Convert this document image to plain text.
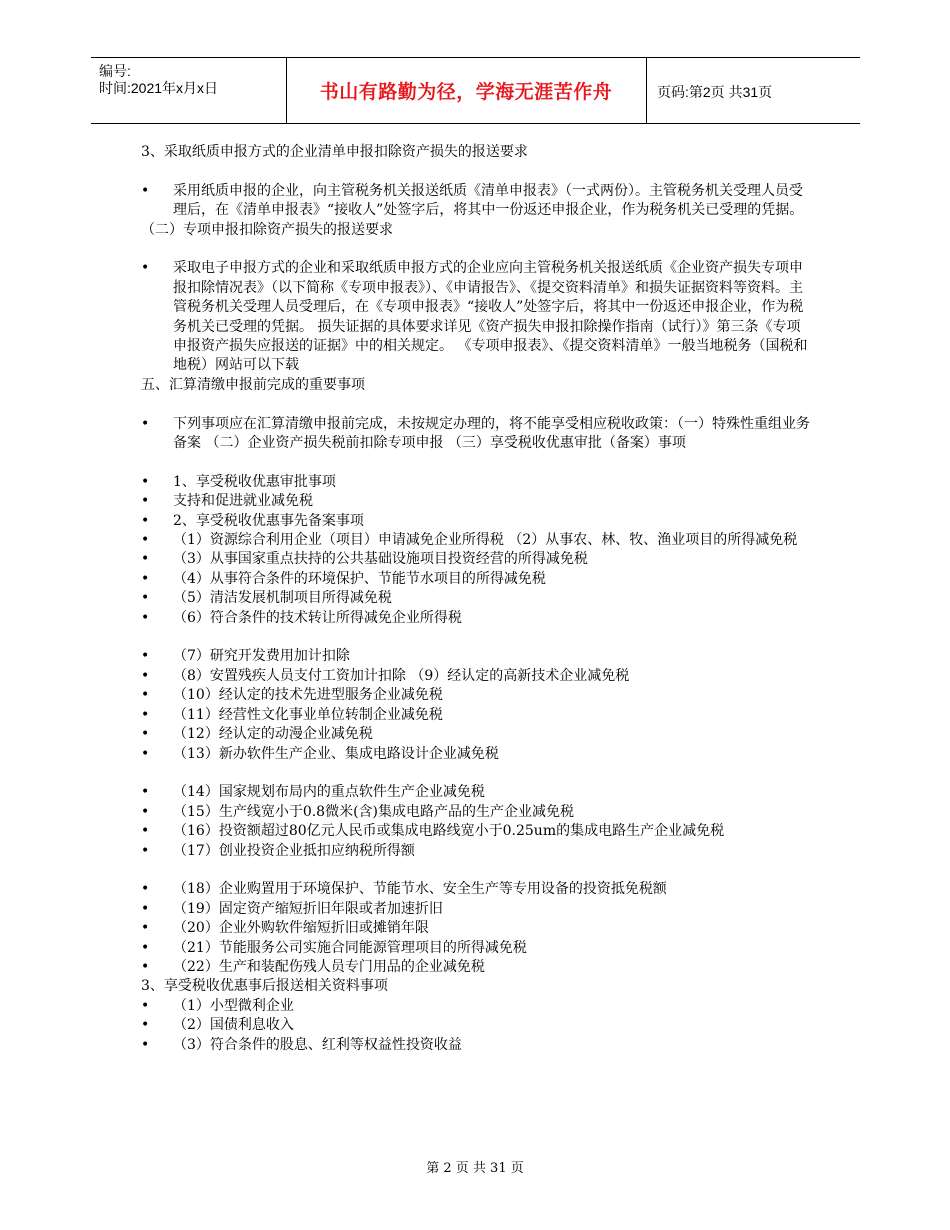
编号:
时间:2021年x月x日	书山有路勤为径，学海无涯苦作舟	页码:第2页 共31页
3、采取纸质申报方式的企业清单申报扣除资产损失的报送要求
• 采用纸质申报的企业，向主管税务机关报送纸质《清单申报表》（一式两份）。主管税务机关受理人员受理后，在《清单申报表》“接收人”处签字后，将其中一份返还申报企业，作为税务机关已受理的凭据。
（二）专项申报扣除资产损失的报送要求
• 采取电子申报方式的企业和采取纸质申报方式的企业应向主管税务机关报送纸质《企业资产损失专项申报扣除情况表》（以下简称《专项申报表》）、《申请报告》、《提交资料清单》和损失证据资料等资料。主管税务机关受理人员受理后，在《专项申报表》“接收人”处签字后，将其中一份返还申报企业，作为税务机关已受理的凭据。 损失证据的具体要求详见《资产损失申报扣除操作指南（试行）》第三条《专项申报资产损失应报送的证据》中的相关规定。 《专项申报表》、《提交资料清单》一般当地税务（国税和地税）网站可以下载
五、汇算清缴申报前完成的重要事项
• 下列事项应在汇算清缴申报前完成，未按规定办理的，将不能享受相应税收政策：（一）特殊性重组业务备案 （二）企业资产损失税前扣除专项申报 （三）享受税收优惠审批（备案）事项
• 1、享受税收优惠审批事项
• 支持和促进就业减免税
• 2、享受税收优惠事先备案事项
• （1）资源综合利用企业（项目）申请减免企业所得税 （2）从事农、林、牧、渔业项目的所得减免税
• （3）从事国家重点扶持的公共基础设施项目投资经营的所得减免税
• （4）从事符合条件的环境保护、节能节水项目的所得减免税
• （5）清洁发展机制项目所得减免税
• （6）符合条件的技术转让所得减免企业所得税
• （7）研究开发费用加计扣除
• （8）安置残疾人员支付工资加计扣除 （9）经认定的高新技术企业减免税
• （10）经认定的技术先进型服务企业减免税
• （11）经营性文化事业单位转制企业减免税
• （12）经认定的动漫企业减免税
• （13）新办软件生产企业、集成电路设计企业减免税
• （14）国家规划布局内的重点软件生产企业减免税
• （15）生产线宽小于0.8微米(含)集成电路产品的生产企业减免税
• （16）投资额超过80亿元人民币或集成电路线宽小于0.25um的集成电路生产企业减免税
• （17）创业投资企业抵扣应纳税所得额
• （18）企业购置用于环境保护、节能节水、安全生产等专用设备的投资抵免税额
• （19）固定资产缩短折旧年限或者加速折旧
• （20）企业外购软件缩短折旧或摊销年限
• （21）节能服务公司实施合同能源管理项目的所得减免税
• （22）生产和装配伤残人员专门用品的企业减免税
3、享受税收优惠事后报送相关资料事项
• （1）小型微利企业
• （2）国债利息收入
• （3）符合条件的股息、红利等权益性投资收益
第 2 页 共 31 页
